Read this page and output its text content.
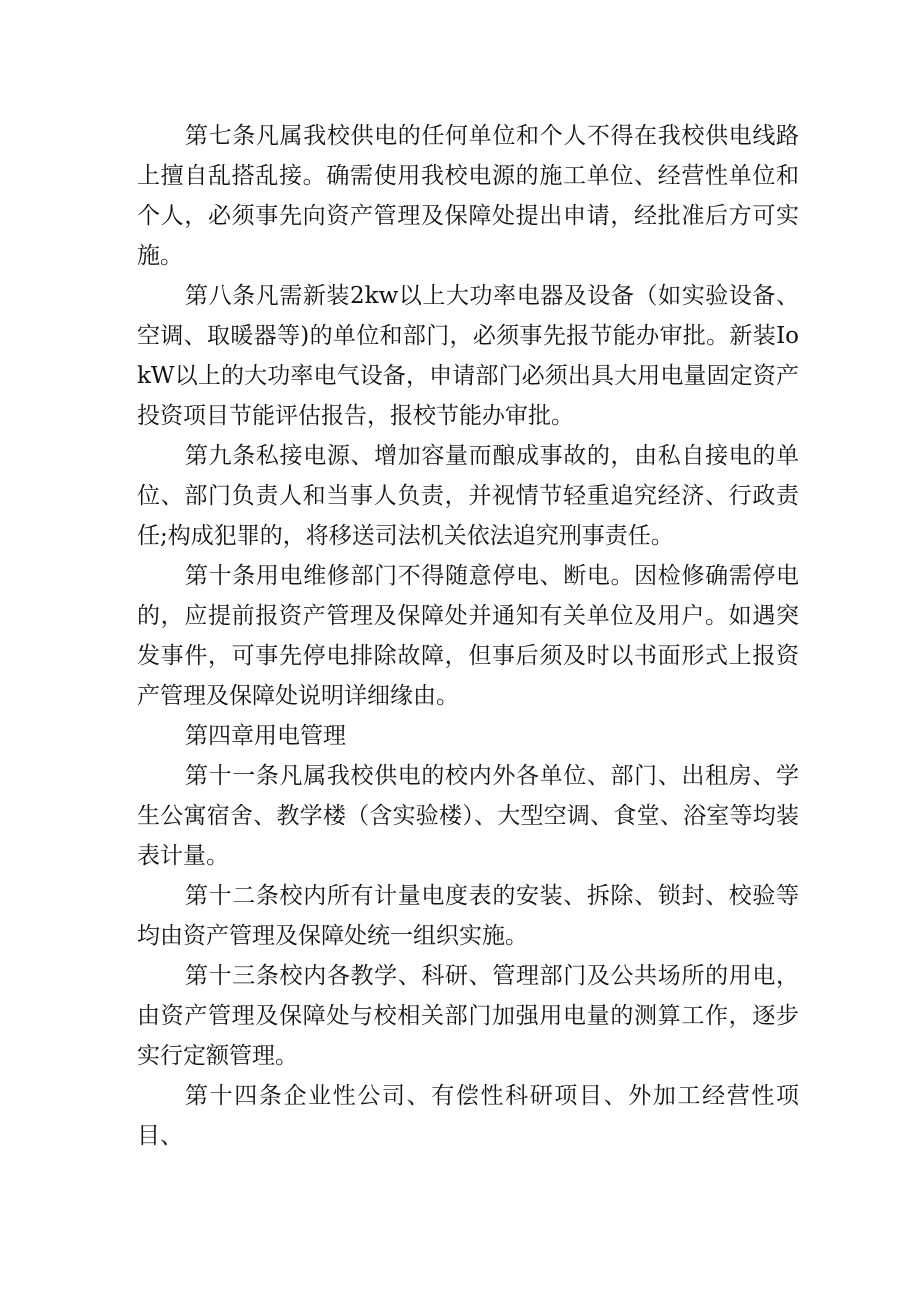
第七条凡属我校供电的任何单位和个人不得在我校供电线路上擅自乱搭乱接。确需使用我校电源的施工单位、经营性单位和个人，必须事先向资产管理及保障处提出申请，经批准后方可实施。

第八条凡需新装2kw以上大功率电器及设备（如实验设备、空调、取暖器等)的单位和部门，必须事先报节能办审批。新装IokW以上的大功率电气设备，申请部门必须出具大用电量固定资产投资项目节能评估报告，报校节能办审批。

第九条私接电源、增加容量而酿成事故的，由私自接电的单位、部门负责人和当事人负责，并视情节轻重追究经济、行政责任;构成犯罪的，将移送司法机关依法追究刑事责任。

第十条用电维修部门不得随意停电、断电。因检修确需停电的，应提前报资产管理及保障处并通知有关单位及用户。如遇突发事件，可事先停电排除故障，但事后须及时以书面形式上报资产管理及保障处说明详细缘由。

第四章用电管理

第十一条凡属我校供电的校内外各单位、部门、出租房、学生公寓宿舍、教学楼（含实验楼）、大型空调、食堂、浴室等均装表计量。

第十二条校内所有计量电度表的安装、拆除、锁封、校验等均由资产管理及保障处统一组织实施。

第十三条校内各教学、科研、管理部门及公共场所的用电，由资产管理及保障处与校相关部门加强用电量的测算工作，逐步实行定额管理。

第十四条企业性公司、有偿性科研项目、外加工经营性项目、
